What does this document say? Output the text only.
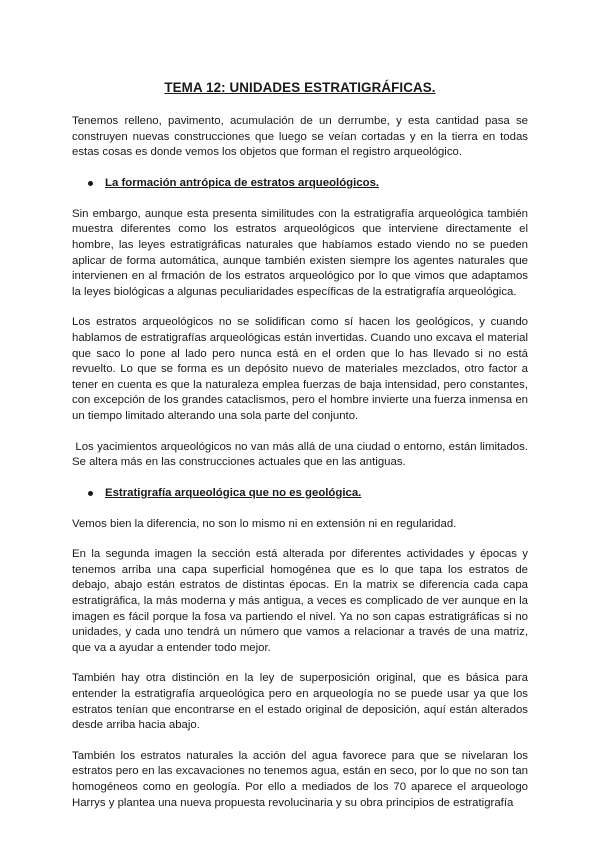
TEMA 12: UNIDADES ESTRATIGRÁFICAS.

Tenemos relleno, pavimento, acumulación de un derrumbe, y esta cantidad pasa se construyen nuevas construcciones que luego se veían cortadas y en la tierra en todas estas cosas es donde vemos los objetos que forman el registro arqueológico.

La formación antrópica de estratos arqueológicos.

Sin embargo, aunque esta presenta similitudes con la estratigrafía arqueológica también muestra diferentes como los estratos arqueológicos que interviene directamente el hombre, las leyes estratigráficas naturales que habíamos estado viendo no se pueden aplicar de forma automática, aunque también existen siempre los agentes naturales que intervienen en al frmación de los estratos arqueológico por lo que vimos que adaptamos la leyes biológicas a algunas peculiaridades específicas de la estratigrafía arqueológica.

Los estratos arqueológicos no se solidifican como sí hacen los geológicos, y cuando hablamos de estratigrafías arqueológicas están invertidas. Cuando uno excava el material que saco lo pone al lado pero nunca está en el orden que lo has llevado si no está revuelto. Lo que se forma es un depósito nuevo de materiales mezclados, otro factor a tener en cuenta es que la naturaleza emplea fuerzas de baja intensidad, pero constantes, con excepción de los grandes cataclismos, pero el hombre invierte una fuerza inmensa en un tiempo limitado alterando una sola parte del conjunto.

Los yacimientos arqueológicos no van más allá de una ciudad o entorno, están limitados. Se altera más en las construcciones actuales que en las antiguas.

Estratigrafía arqueológica que no es geológica.

Vemos bien la diferencia, no son lo mismo ni en extensión ni en regularidad.

En la segunda imagen la sección está alterada por diferentes actividades y épocas y tenemos arriba una capa superficial homogénea que es lo que tapa los estratos de debajo, abajo están estratos de distintas épocas. En la matrix se diferencia cada capa estratigráfica, la más moderna y más antigua, a veces es complicado de ver aunque en la imagen es fácil porque la fosa va partiendo el nivel. Ya no son capas estratigráficas si no unidades, y cada uno tendrá un número que vamos a relacionar a través de una matriz, que va a ayudar a entender todo mejor.

También hay otra distinción en la ley de superposición original, que es básica para entender la estratigrafía arqueológica pero en arqueología no se puede usar ya que los estratos tenían que encontrarse en el estado original de deposición, aquí están alterados desde arriba hacia abajo.

También los estratos naturales la acción del agua favorece para que se nivelaran los estratos pero en las excavaciones no tenemos agua, están en seco, por lo que no son tan homogéneos como en geología. Por ello a mediados de los 70 aparece el arqueologo Harrys y plantea una nueva propuesta revolucinaria y su obra principios de estratigrafía
